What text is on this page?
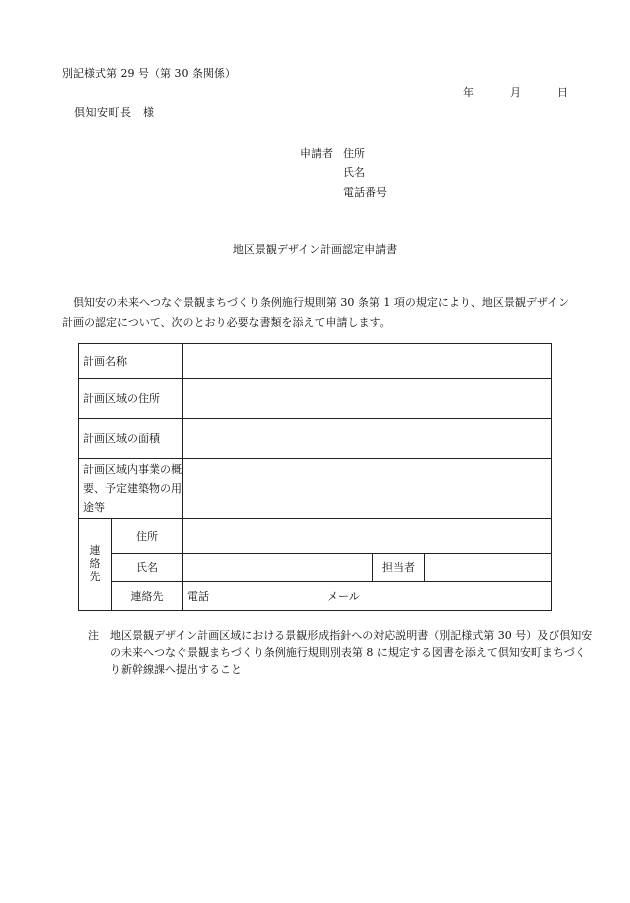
別記様式第 29 号（第 30 条関係）
年	月	日
倶知安町長　様
申請者 住所
氏名
電話番号
地区景観デザイン計画認定申請書
倶知安の未来へつなぐ景観まちづくり条例施行規則第 30 条第 1 項の規定により、地区景観デザイン計画の認定について、次のとおり必要な書類を添えて申請します。
計画名称				
計画区域の住所				
計画区域の面積				
計画区域内事業の概要、予定建築物の用途等				
連絡先	住所			
	氏名		担当者	
	連絡先	電話 メール		
注 地区景観デザイン計画区域における景観形成指針への対応説明書（別記様式第 30 号）及び倶知安の未来へつなぐ景観まちづくり条例施行規則別表第 8 に規定する図書を添えて倶知安町まちづくり新幹線課へ提出すること
